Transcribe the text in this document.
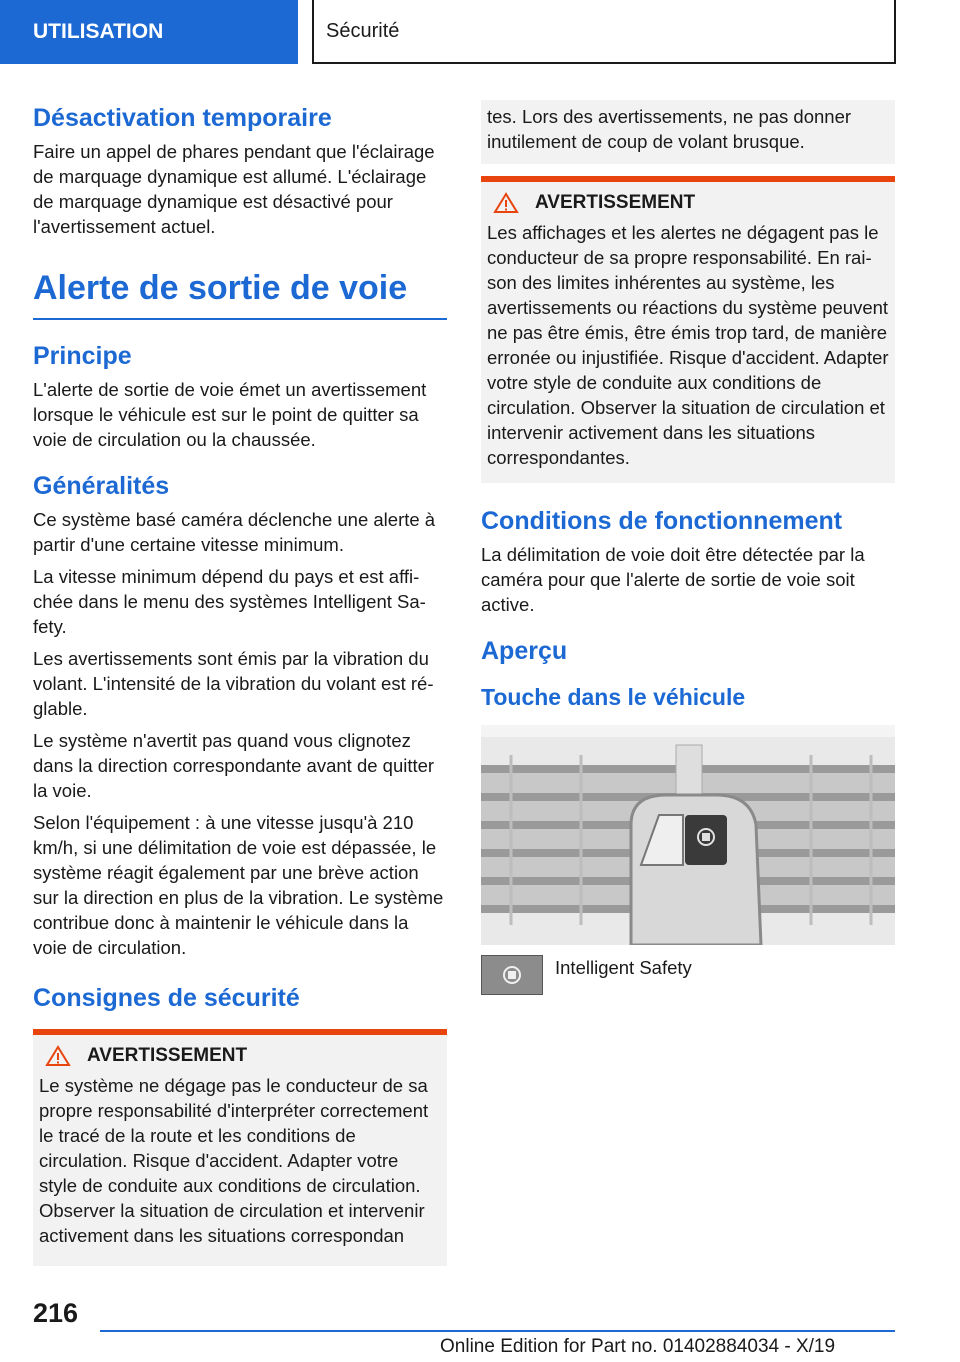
UTILISATION	Sécurité
Désactivation temporaire

Faire un appel de phares pendant que l'éclairage de marquage dynamique est allumé. L'éclairage de marquage dynamique est désactivé pour l'avertissement actuel.

Alerte de sortie de voie
Principe

L'alerte de sortie de voie émet un avertissement lorsque le véhicule est sur le point de quitter sa voie de circulation ou la chaussée.

Généralités

Ce système basé caméra déclenche une alerte à partir d'une certaine vitesse minimum.

La vitesse minimum dépend du pays et est affichée dans le menu des systèmes Intelligent Safety.

Les avertissements sont émis par la vibration du volant. L'intensité de la vibration du volant est réglable.

Le système n'avertit pas quand vous clignotez dans la direction correspondante avant de quitter la voie.

Selon l'équipement : à une vitesse jusqu'à 210 km/h, si une délimitation de voie est dépassée, le système réagit également par une brève action sur la direction en plus de la vibration. Le système contribue donc à maintenir le véhicule dans la voie de circulation.

Consignes de sécurité
AVERTISSEMENT

Le système ne dégage pas le conducteur de sa propre responsabilité d'interpréter correctement le tracé de la route et les conditions de circulation. Risque d'accident. Adapter votre style de conduite aux conditions de circulation. Observer la situation de circulation et intervenir activement dans les situations correspondan

tes. Lors des avertissements, ne pas donner inutilement de coup de volant brusque.

AVERTISSEMENT

Les affichages et les alertes ne dégagent pas le conducteur de sa propre responsabilité. En raison des limites inhérentes au système, les avertissements ou réactions du système peuvent ne pas être émis, être émis trop tard, de manière erronée ou injustifiée. Risque d'accident. Adapter votre style de conduite aux conditions de circulation. Observer la situation de circulation et intervenir activement dans les situations correspondantes.

Conditions de fonctionnement

La délimitation de voie doit être détectée par la caméra pour que l'alerte de sortie de voie soit active.

Aperçu
Touche dans le véhicule
Intelligent Safety
216
Online Edition for Part no. 01402884034 - X/19
